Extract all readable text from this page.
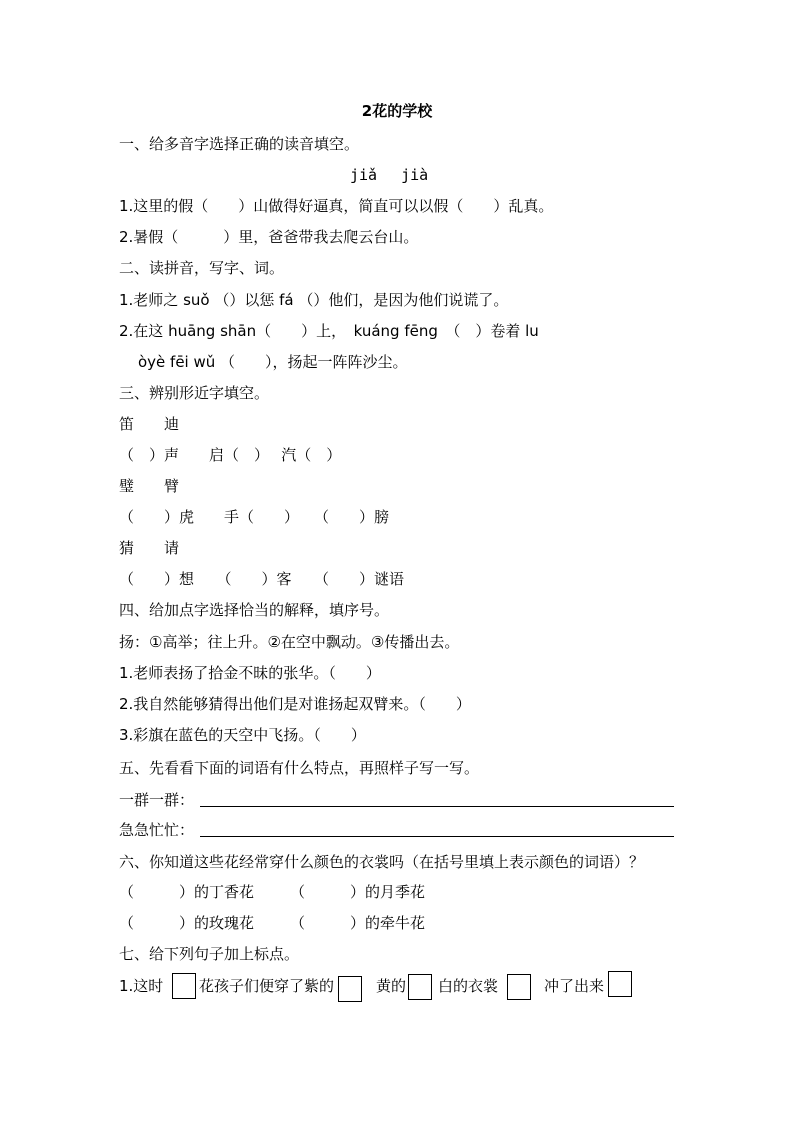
2花的学校
一、给多音字选择正确的读音填空。
jiǎ　 jià
1.这里的假（　　）山做得好逼真，简直可以以假（　　）乱真。
2.暑假（　　　）里，爸爸带我去爬云台山。
二、读拼音，写字、词。
1.老师之 suǒ （）以惩 fá （）他们，是因为他们说谎了。
2.在这 huāng shān（　　）上，　kuáng fēng　（　）卷着 lu
òyè fēi wǔ （　　），扬起一阵阵沙尘。
三、辨别形近字填空。
笛　　迪
（　）声　　启（　）　 汽（　）
璧　　臂
（　　）虎　　手（　　）　　（　　）膀
猜　　请
（　　）想　　（　　）客　　（　　）谜语
四、给加点字选择恰当的解释，填序号。
扬：①高举；往上升。②在空中飘动。③传播出去。
1.老师表扬了拾金不昧的张华。（　　）
2.我自然能够猜得出他们是对谁扬起双臂来。（　　）
3.彩旗在蓝色的天空中飞扬。（　　）
五、先看看下面的词语有什么特点，再照样子写一写。
一群一群：
急急忙忙：
六、你知道这些花经常穿什么颜色的衣裳吗（在括号里填上表示颜色的词语）？
（　　　）的丁香花 （　　　）的月季花
（　　　）的玫瑰花 （　　　）的牵牛花
七、给下列句子加上标点。
1.这时 花孩子们便穿了紫的	黄的 白的衣裳	冲了出来
